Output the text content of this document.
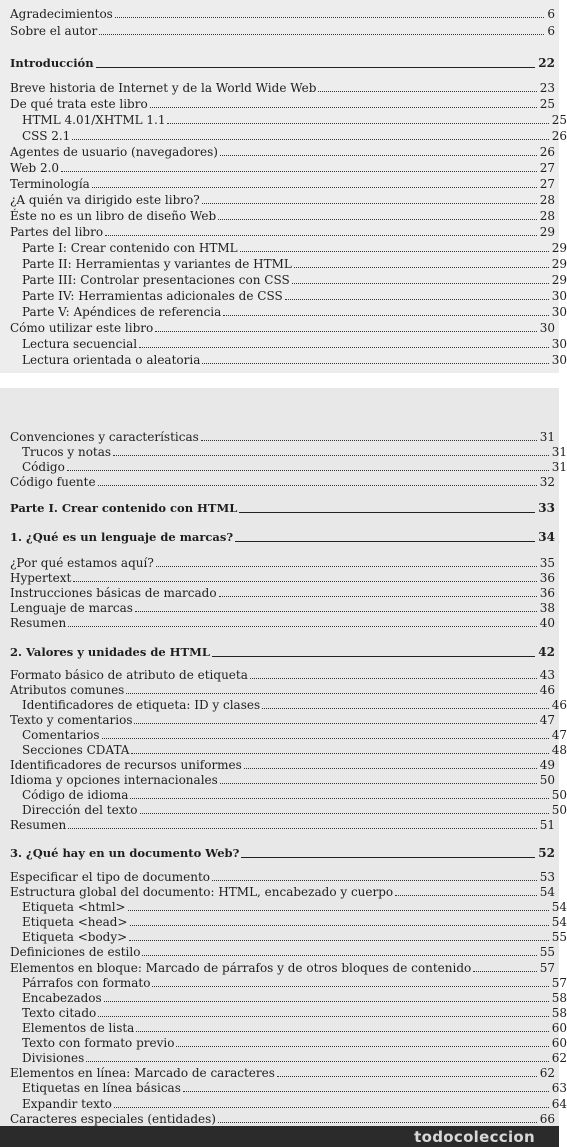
Agradecimientos	6
Sobre el autor	6
Introducción	22
Breve historia de Internet y de la World Wide Web	23
De qué trata este libro	25
HTML 4.01/XHTML 1.1	25
CSS 2.1	26
Agentes de usuario (navegadores)	26
Web 2.0	27
Terminología	27
¿A quién va dirigido este libro?	28
Éste no es un libro de diseño Web	28
Partes del libro	29
Parte I: Crear contenido con HTML	29
Parte II: Herramientas y variantes de HTML	29
Parte III: Controlar presentaciones con CSS	29
Parte IV: Herramientas adicionales de CSS	30
Parte V: Apéndices de referencia	30
Cómo utilizar este libro	30
Lectura secuencial	30
Lectura orientada o aleatoria	30
Convenciones y características	31
Trucos y notas	31
Código	31
Código fuente	32
Parte I. Crear contenido con HTML	33
1. ¿Qué es un lenguaje de marcas?	34
¿Por qué estamos aquí?	35
Hypertext	36
Instrucciones básicas de marcado	36
Lenguaje de marcas	38
Resumen	40
2. Valores y unidades de HTML	42
Formato básico de atributo de etiqueta	43
Atributos comunes	46
Identificadores de etiqueta: ID y clases	46
Texto y comentarios	47
Comentarios	47
Secciones CDATA	48
Identificadores de recursos uniformes	49
Idioma y opciones internacionales	50
Código de idioma	50
Dirección del texto	50
Resumen	51
3. ¿Qué hay en un documento Web?	52
Especificar el tipo de documento	53
Estructura global del documento: HTML, encabezado y cuerpo	54
Etiqueta <html>	54
Etiqueta <head>	54
Etiqueta <body>	55
Definiciones de estilo	55
Elementos en bloque: Marcado de párrafos y de otros bloques de contenido	57
Párrafos con formato	57
Encabezados	58
Texto citado	58
Elementos de lista	60
Texto con formato previo	60
Divisiones	62
Elementos en línea: Marcado de caracteres	62
Etiquetas en línea básicas	63
Expandir texto	64
Caracteres especiales (entidades)	66
todocoleccion
